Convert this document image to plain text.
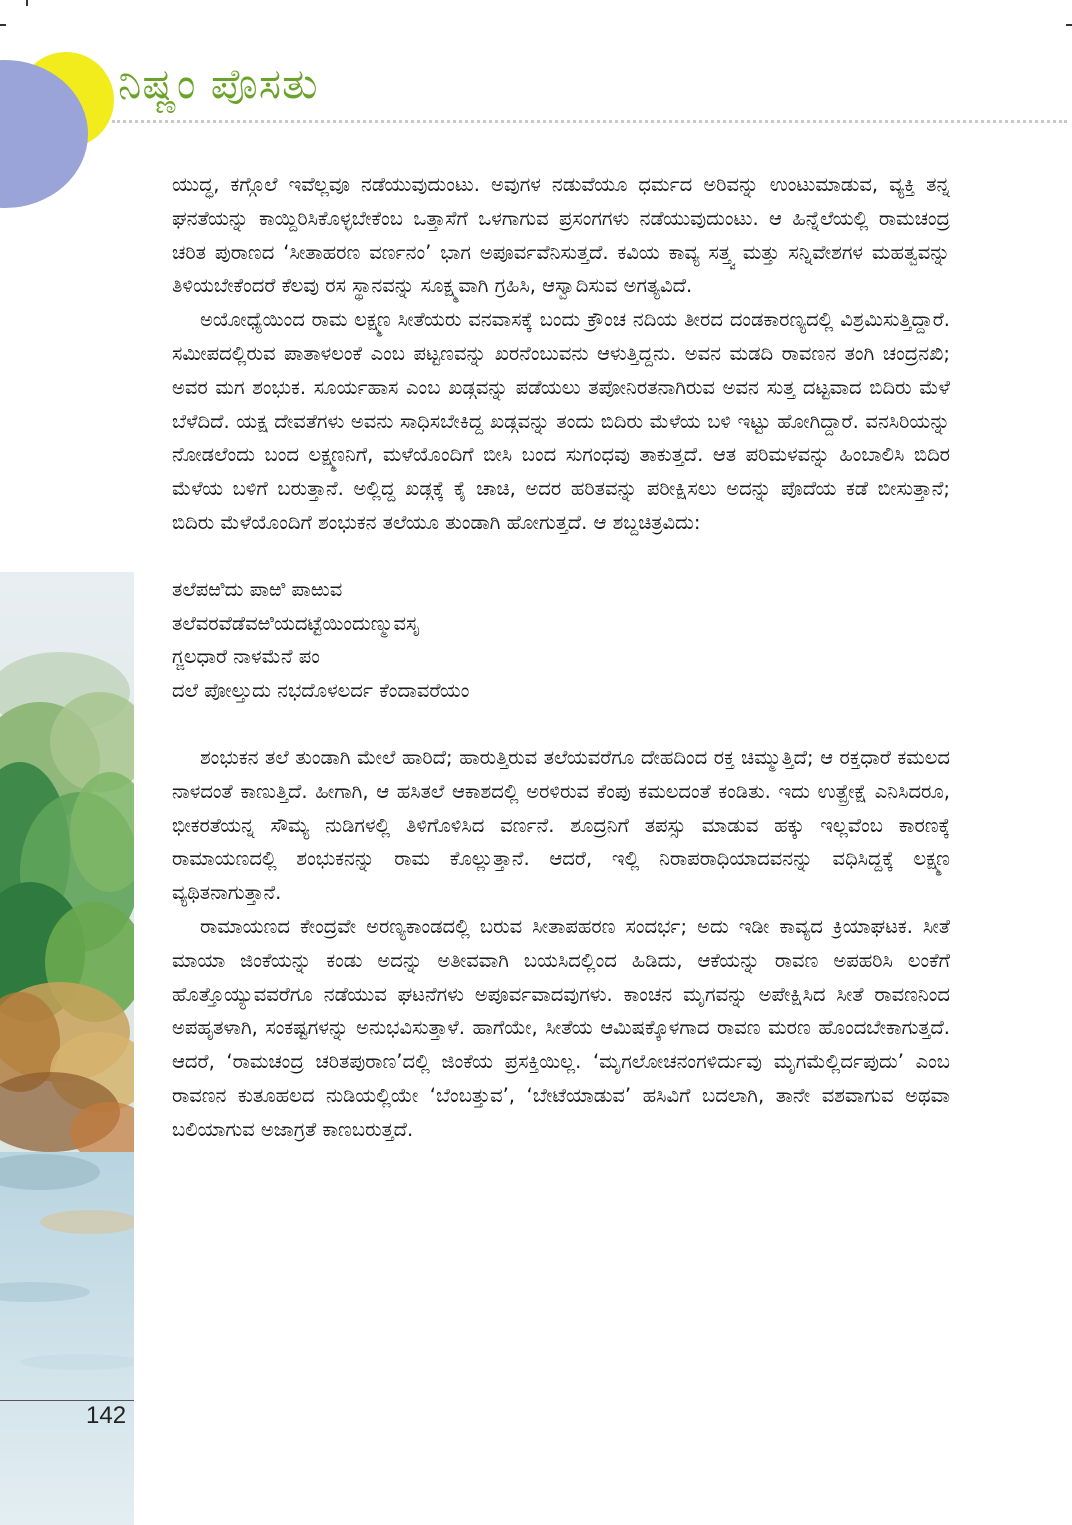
ನಿಷ್ಣಂ ಪೊಸತು
142

ಯುದ್ಧ, ಕಗ್ಗೊಲೆ ಇವೆಲ್ಲವೂ ನಡೆಯುವುದುಂಟು. ಅವುಗಳ ನಡುವೆಯೂ ಧರ್ಮದ ಅರಿವನ್ನು ಉಂಟುಮಾಡುವ, ವ್ಯಕ್ತಿ ತನ್ನ ಘನತೆಯನ್ನು ಕಾಯ್ದಿರಿಸಿಕೊಳ್ಳಬೇಕೆಂಬ ಒತ್ತಾಸೆಗೆ ಒಳಗಾಗುವ ಪ್ರಸಂಗಗಳು ನಡೆಯುವುದುಂಟು. ಆ ಹಿನ್ನೆಲೆಯಲ್ಲಿ ರಾಮಚಂದ್ರ ಚರಿತ ಪುರಾಣದ ‘ಸೀತಾಹರಣ ವರ್ಣನಂ’ ಭಾಗ ಅಪೂರ್ವವೆನಿಸುತ್ತದೆ. ಕವಿಯ ಕಾವ್ಯ ಸತ್ತ್ವ ಮತ್ತು ಸನ್ನಿವೇಶಗಳ ಮಹತ್ವವನ್ನು ತಿಳಿಯಬೇಕೆಂದರೆ ಕೆಲವು ರಸ ಸ್ಥಾನವನ್ನು ಸೂಕ್ಷ್ಮವಾಗಿ ಗ್ರಹಿಸಿ, ಆಸ್ವಾದಿಸುವ ಅಗತ್ಯವಿದೆ.

ಅಯೋಧ್ಯೆಯಿಂದ ರಾಮ ಲಕ್ಷ್ಮಣ ಸೀತೆಯರು ವನವಾಸಕ್ಕೆ ಬಂದು ಕ್ರೌಂಚ ನದಿಯ ತೀರದ ದಂಡಕಾರಣ್ಯದಲ್ಲಿ ವಿಶ್ರಮಿಸುತ್ತಿದ್ದಾರೆ. ಸಮೀಪದಲ್ಲಿರುವ ಪಾತಾಳಲಂಕೆ ಎಂಬ ಪಟ್ಟಣವನ್ನು ಖರನೆಂಬುವನು ಆಳುತ್ತಿದ್ದನು. ಅವನ ಮಡದಿ ರಾವಣನ ತಂಗಿ ಚಂದ್ರನಖಿ; ಅವರ ಮಗ ಶಂಭುಕ. ಸೂರ್ಯಹಾಸ ಎಂಬ ಖಡ್ಗವನ್ನು ಪಡೆಯಲು ತಪೋನಿರತನಾಗಿರುವ ಅವನ ಸುತ್ತ ದಟ್ಟವಾದ ಬಿದಿರು ಮೆಳೆ ಬೆಳೆದಿದೆ. ಯಕ್ಷ ದೇವತೆಗಳು ಅವನು ಸಾಧಿಸಬೇಕಿದ್ದ ಖಡ್ಗವನ್ನು ತಂದು ಬಿದಿರು ಮೆಳೆಯ ಬಳಿ ಇಟ್ಟು ಹೋಗಿದ್ದಾರೆ. ವನಸಿರಿಯನ್ನು ನೋಡಲೆಂದು ಬಂದ ಲಕ್ಷ್ಮಣನಿಗೆ, ಮಳೆಯೊಂದಿಗೆ ಬೀಸಿ ಬಂದ ಸುಗಂಧವು ತಾಕುತ್ತದೆ. ಆತ ಪರಿಮಳವನ್ನು ಹಿಂಬಾಲಿಸಿ ಬಿದಿರ ಮೆಳೆಯ ಬಳಿಗೆ ಬರುತ್ತಾನೆ. ಅಲ್ಲಿದ್ದ ಖಡ್ಗಕ್ಕೆ ಕೈ ಚಾಚಿ, ಅದರ ಹರಿತವನ್ನು ಪರೀಕ್ಷಿಸಲು ಅದನ್ನು ಪೊದೆಯ ಕಡೆ ಬೀಸುತ್ತಾನೆ; ಬಿದಿರು ಮೆಳೆಯೊಂದಿಗೆ ಶಂಭುಕನ ತಲೆಯೂ ತುಂಡಾಗಿ ಹೋಗುತ್ತದೆ. ಆ ಶಬ್ದಚಿತ್ರವಿದು:

ತಲೆಪಱಿದು ಪಾಱಿ ಪಾಱುವ
ತಲೆವರವೆಡೆವಱಿಯದಟ್ಟೆಯಿಂದುಣ್ಮುವಸೃ
ಗ್ಜಲಧಾರೆ ನಾಳಮೆನೆ ಪಂ
ದಲೆ ಪೋಲ್ತುದು ನಭದೊಳಲರ್ದ ಕೆಂದಾವರೆಯಂ

ಶಂಭುಕನ ತಲೆ ತುಂಡಾಗಿ ಮೇಲೆ ಹಾರಿದೆ; ಹಾರುತ್ತಿರುವ ತಲೆಯವರೆಗೂ ದೇಹದಿಂದ ರಕ್ತ ಚಿಮ್ಮುತ್ತಿದೆ; ಆ ರಕ್ತಧಾರೆ ಕಮಲದ ನಾಳದಂತೆ ಕಾಣುತ್ತಿದೆ. ಹೀಗಾಗಿ, ಆ ಹಸಿತಲೆ ಆಕಾಶದಲ್ಲಿ ಅರಳಿರುವ ಕೆಂಪು ಕಮಲದಂತೆ ಕಂಡಿತು. ಇದು ಉತ್ಪ್ರೇಕ್ಷೆ ಎನಿಸಿದರೂ, ಭೀಕರತೆಯನ್ನ ಸೌಮ್ಯ ನುಡಿಗಳಲ್ಲಿ ತಿಳಿಗೊಳಿಸಿದ ವರ್ಣನೆ. ಶೂದ್ರನಿಗೆ ತಪಸ್ಸು ಮಾಡುವ ಹಕ್ಕು ಇಲ್ಲವೆಂಬ ಕಾರಣಕ್ಕೆ ರಾಮಾಯಣದಲ್ಲಿ ಶಂಭುಕನನ್ನು ರಾಮ ಕೊಲ್ಲುತ್ತಾನೆ. ಆದರೆ, ಇಲ್ಲಿ ನಿರಾಪರಾಧಿಯಾದವನನ್ನು ವಧಿಸಿದ್ದಕ್ಕೆ ಲಕ್ಷ್ಮಣ ವ್ಯಥಿತನಾಗುತ್ತಾನೆ.

ರಾಮಾಯಣದ ಕೇಂದ್ರವೇ ಅರಣ್ಯಕಾಂಡದಲ್ಲಿ ಬರುವ ಸೀತಾಪಹರಣ ಸಂದರ್ಭ; ಅದು ಇಡೀ ಕಾವ್ಯದ ಕ್ರಿಯಾಘಟಕ. ಸೀತೆ ಮಾಯಾ ಜಿಂಕೆಯನ್ನು ಕಂಡು ಅದನ್ನು ಅತೀವವಾಗಿ ಬಯಸಿದಲ್ಲಿಂದ ಹಿಡಿದು, ಆಕೆಯನ್ನು ರಾವಣ ಅಪಹರಿಸಿ ಲಂಕೆಗೆ ಹೊತ್ತೊಯ್ಯುವವರೆಗೂ ನಡೆಯುವ ಘಟನೆಗಳು ಅಪೂರ್ವವಾದವುಗಳು. ಕಾಂಚನ ಮೃಗವನ್ನು ಅಪೇಕ್ಷಿಸಿದ ಸೀತೆ ರಾವಣನಿಂದ ಅಪಹೃತಳಾಗಿ, ಸಂಕಷ್ಟಗಳನ್ನು ಅನುಭವಿಸುತ್ತಾಳೆ. ಹಾಗೆಯೇ, ಸೀತೆಯ ಆಮಿಷಕ್ಕೊಳಗಾದ ರಾವಣ ಮರಣ ಹೊಂದಬೇಕಾಗುತ್ತದೆ. ಆದರೆ, ‘ರಾಮಚಂದ್ರ ಚರಿತಪುರಾಣ’ದಲ್ಲಿ ಜಿಂಕೆಯ ಪ್ರಸಕ್ತಿಯಿಲ್ಲ. ‘ಮೃಗಲೋಚನಂಗಳಿರ್ದುವು ಮೃಗಮೆಲ್ಲಿರ್ದಪುದು’ ಎಂಬ ರಾವಣನ ಕುತೂಹಲದ ನುಡಿಯಲ್ಲಿಯೇ ‘ಬೆಂಬತ್ತುವ’, ‘ಬೇಟೆಯಾಡುವ’ ಹಸಿವಿಗೆ ಬದಲಾಗಿ, ತಾನೇ ವಶವಾಗುವ ಅಥವಾ ಬಲಿಯಾಗುವ ಅಜಾಗ್ರತೆ ಕಾಣಬರುತ್ತದೆ.
